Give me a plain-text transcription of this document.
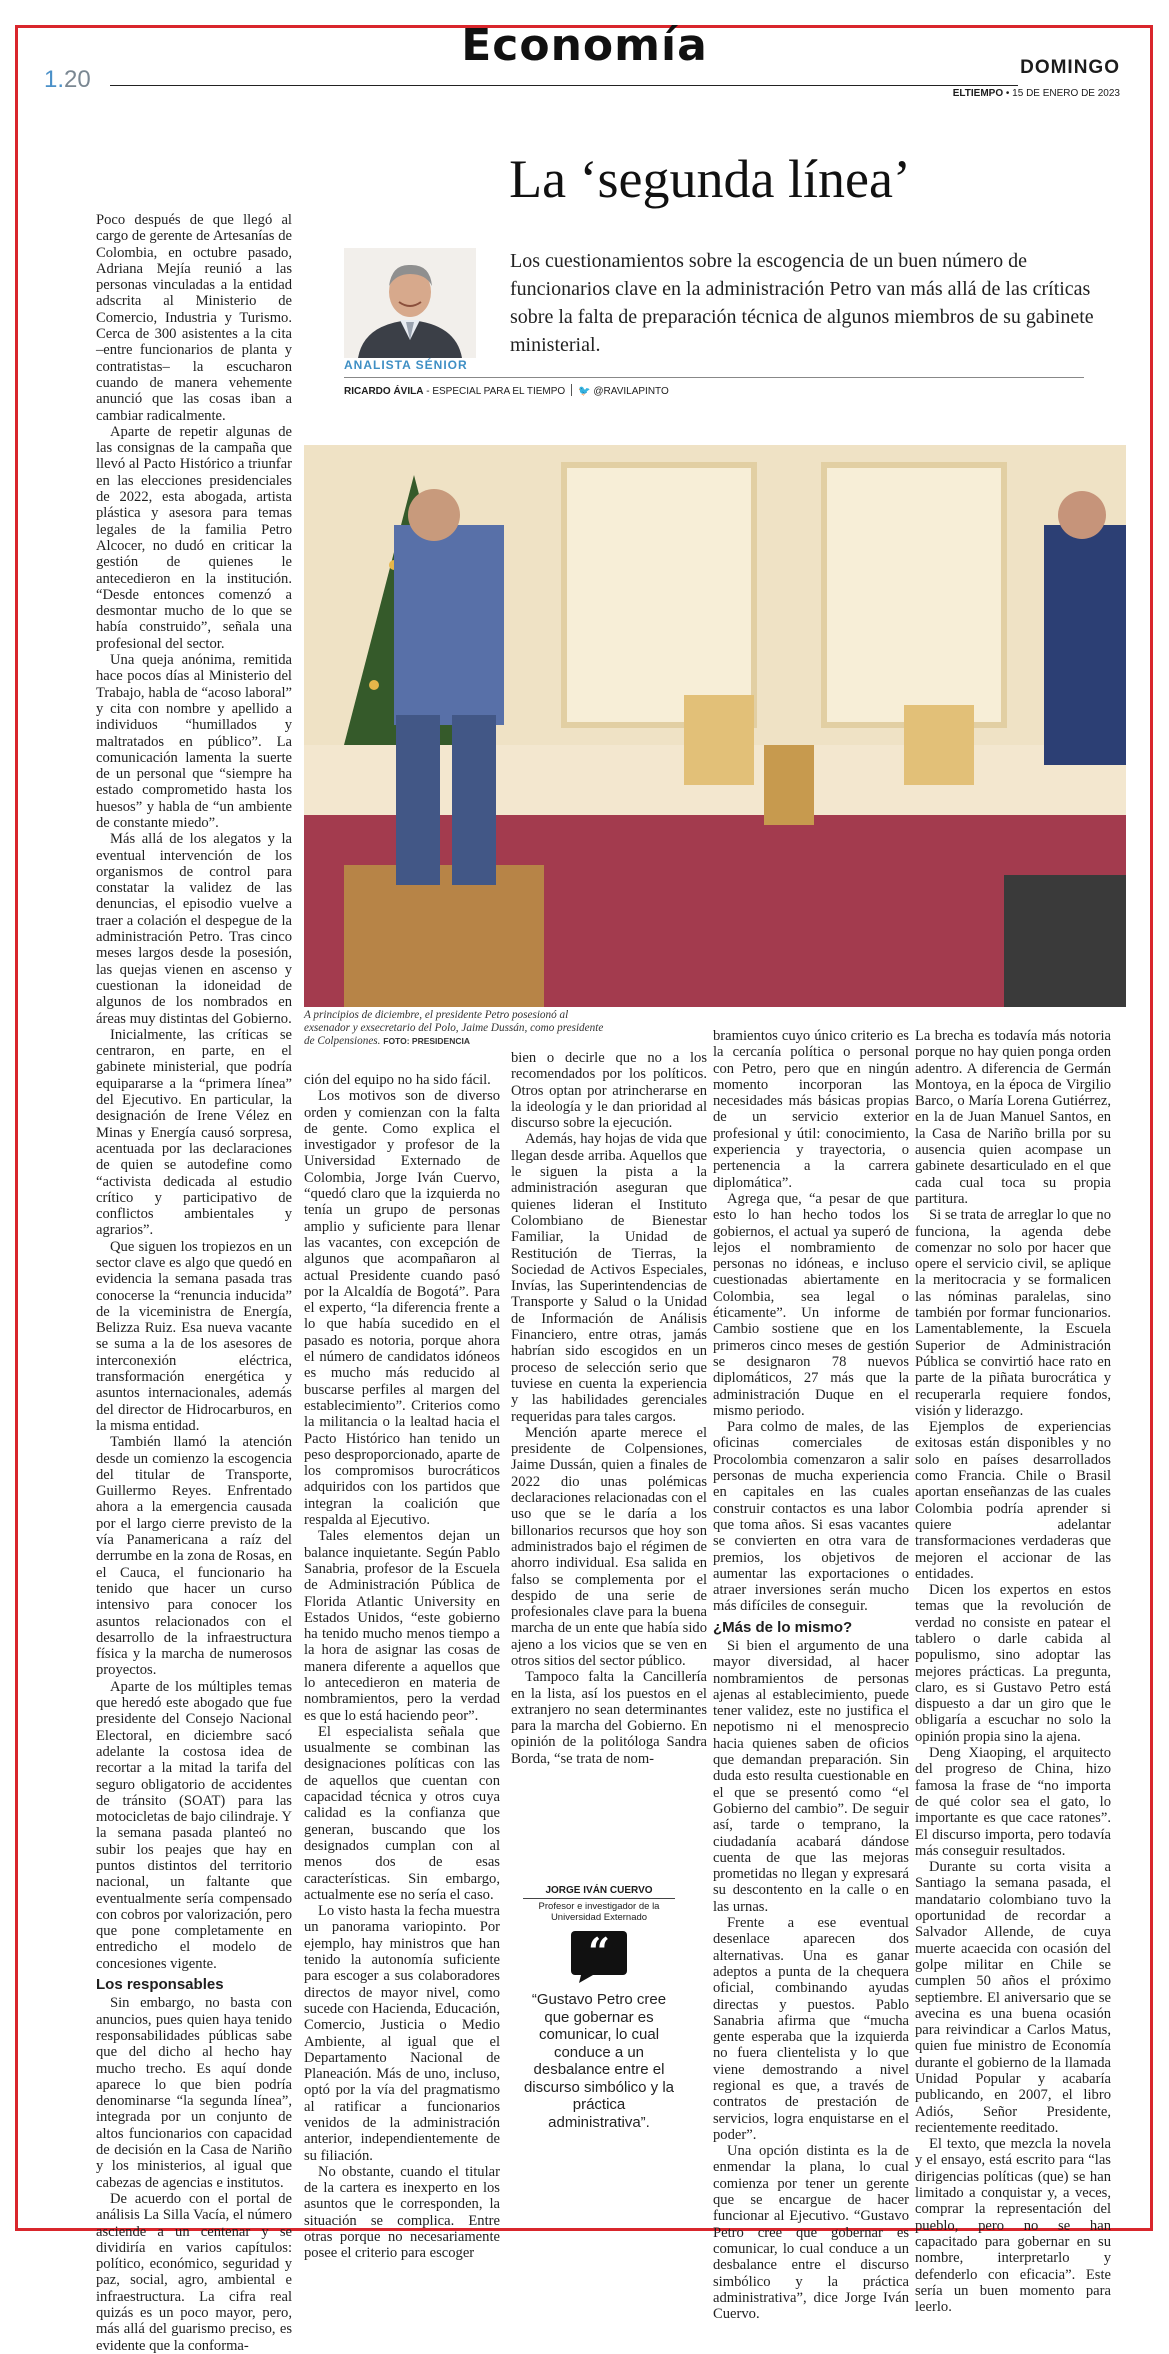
1.20
Economía	DOMINGO
ELTIEMPO • 15 DE ENERO DE 2023
La ‘segunda línea’
ANALISTA SÉNIOR
Los cuestionamientos sobre la escogencia de un buen número de funcionarios clave en la administración Petro van más allá de las críticas sobre la falta de preparación técnica de algunos miembros de su gabinete ministerial.
RICARDO ÁVILA - ESPECIAL PARA EL TIEMPO 🐦 @RAVILAPINTO

Poco después de que llegó al cargo de gerente de Artesanías de Colombia, en octubre pasado, Adriana Mejía reunió a las personas vinculadas a la entidad adscrita al Ministerio de Comercio, Industria y Turismo. Cerca de 300 asistentes a la cita –entre funcionarios de planta y contratistas– la escucharon cuando de manera vehemente anunció que las cosas iban a cambiar radicalmente.

Aparte de repetir algunas de las consignas de la campaña que llevó al Pacto Histórico a triunfar en las elecciones presidenciales de 2022, esta abogada, artista plástica y asesora para temas legales de la familia Petro Alcocer, no dudó en criticar la gestión de quienes le antecedieron en la institución. “Desde entonces comenzó a desmontar mucho de lo que se había construido”, señala una profesional del sector.

Una queja anónima, remitida hace pocos días al Ministerio del Trabajo, habla de “acoso laboral” y cita con nombre y apellido a individuos “humillados y maltratados en público”. La comunicación lamenta la suerte de un personal que “siempre ha estado comprometido hasta los huesos” y habla de “un ambiente de constante miedo”.

Más allá de los alegatos y la eventual intervención de los organismos de control para constatar la validez de las denuncias, el episodio vuelve a traer a colación el despegue de la administración Petro. Tras cinco meses largos desde la posesión, las quejas vienen en ascenso y cuestionan la idoneidad de algunos de los nombrados en áreas muy distintas del Gobierno.

Inicialmente, las críticas se centraron, en parte, en el gabinete ministerial, que podría equipararse a la “primera línea” del Ejecutivo. En particular, la designación de Irene Vélez en Minas y Energía causó sorpresa, acentuada por las declaraciones de quien se autodefine como “activista dedicada al estudio crítico y participativo de conflictos ambientales y agrarios”.

Que siguen los tropiezos en un sector clave es algo que quedó en evidencia la semana pasada tras conocerse la “renuncia inducida” de la viceministra de Energía, Belizza Ruiz. Esa nueva vacante se suma a la de los asesores de interconexión eléctrica, transformación energética y asuntos internacionales, además del director de Hidrocarburos, en la misma entidad.

También llamó la atención desde un comienzo la escogencia del titular de Transporte, Guillermo Reyes. Enfrentado ahora a la emergencia causada por el largo cierre previsto de la vía Panamericana a raíz del derrumbe en la zona de Rosas, en el Cauca, el funcionario ha tenido que hacer un curso intensivo para conocer los asuntos relacionados con el desarrollo de la infraestructura física y la marcha de numerosos proyectos.

Aparte de los múltiples temas que heredó este abogado que fue presidente del Consejo Nacional Electoral, en diciembre sacó adelante la costosa idea de recortar a la mitad la tarifa del seguro obligatorio de accidentes de tránsito (SOAT) para las motocicletas de bajo cilindraje. Y la semana pasada planteó no subir los peajes que hay en puntos distintos del territorio nacional, un faltante que eventualmente sería compensado con cobros por valorización, pero que pone completamente en entredicho el modelo de concesiones vigente.

Los responsables

Sin embargo, no basta con anuncios, pues quien haya tenido responsabilidades públicas sabe que del dicho al hecho hay mucho trecho. Es aquí donde aparece lo que bien podría denominarse “la segunda línea”, integrada por un conjunto de altos funcionarios con capacidad de decisión en la Casa de Nariño y los ministerios, al igual que cabezas de agencias e institutos.

De acuerdo con el portal de análisis La Silla Vacía, el número asciende a un centenar y se dividiría en varios capítulos: político, económico, seguridad y paz, social, agro, ambiental e infraestructura. La cifra real quizás es un poco mayor, pero, más allá del guarismo preciso, es evidente que la conforma-

A principios de diciembre, el presidente Petro posesionó al exsenador y exsecretario del Polo, Jaime Dussán, como presidente de Colpensiones. FOTO: PRESIDENCIA

ción del equipo no ha sido fácil.

Los motivos son de diverso orden y comienzan con la falta de gente. Como explica el investigador y profesor de la Universidad Externado de Colombia, Jorge Iván Cuervo, “quedó claro que la izquierda no tenía un grupo de personas amplio y suficiente para llenar las vacantes, con excepción de algunos que acompañaron al actual Presidente cuando pasó por la Alcaldía de Bogotá”. Para el experto, “la diferencia frente a lo que había sucedido en el pasado es notoria, porque ahora el número de candidatos idóneos es mucho más reducido al buscarse perfiles al margen del establecimiento”. Criterios como la militancia o la lealtad hacia el Pacto Histórico han tenido un peso desproporcionado, aparte de los compromisos burocráticos adquiridos con los partidos que integran la coalición que respalda al Ejecutivo.

Tales elementos dejan un balance inquietante. Según Pablo Sanabria, profesor de la Escuela de Administración Pública de Florida Atlantic University en Estados Unidos, “este gobierno ha tenido mucho menos tiempo a la hora de asignar las cosas de manera diferente a aquellos que lo antecedieron en materia de nombramientos, pero la verdad es que lo está haciendo peor”.

El especialista señala que usualmente se combinan las designaciones políticas con las de aquellos que cuentan con capacidad técnica y otros cuya calidad es la confianza que generan, buscando que los designados cumplan con al menos dos de esas características. Sin embargo, actualmente ese no sería el caso.

Lo visto hasta la fecha muestra un panorama variopinto. Por ejemplo, hay ministros que han tenido la autonomía suficiente para escoger a sus colaboradores directos de mayor nivel, como sucede con Hacienda, Educación, Comercio, Justicia o Medio Ambiente, al igual que el Departamento Nacional de Planeación. Más de uno, incluso, optó por la vía del pragmatismo al ratificar a funcionarios venidos de la administración anterior, independientemente de su filiación.

No obstante, cuando el titular de la cartera es inexperto en los asuntos que le corresponden, la situación se complica. Entre otras porque no necesariamente posee el criterio para escoger

bien o decirle que no a los recomendados por los políticos. Otros optan por atrincherarse en la ideología y le dan prioridad al discurso sobre la ejecución.

Además, hay hojas de vida que llegan desde arriba. Aquellos que le siguen la pista a la administración aseguran que quienes lideran el Instituto Colombiano de Bienestar Familiar, la Unidad de Restitución de Tierras, la Sociedad de Activos Especiales, Invías, las Superintendencias de Transporte y Salud o la Unidad de Información de Análisis Financiero, entre otras, jamás habrían sido escogidos en un proceso de selección serio que tuviese en cuenta la experiencia y las habilidades gerenciales requeridas para tales cargos.

Mención aparte merece el presidente de Colpensiones, Jaime Dussán, quien a finales de 2022 dio unas polémicas declaraciones relacionadas con el uso que se le daría a los billonarios recursos que hoy son administrados bajo el régimen de ahorro individual. Esa salida en falso se complementa por el despido de una serie de profesionales clave para la buena marcha de un ente que había sido ajeno a los vicios que se ven en otros sitios del sector público.

Tampoco falta la Cancillería en la lista, así los puestos en el extranjero no sean determinantes para la marcha del Gobierno. En opinión de la politóloga Sandra Borda, “se trata de nom-

JORGE IVÁN CUERVO
Profesor e investigador de la Universidad Externado
“
“Gustavo Petro cree que gobernar es comunicar, lo cual conduce a un desbalance entre el discurso simbólico y la práctica administrativa”.

bramientos cuyo único criterio es la cercanía política o personal con Petro, pero que en ningún momento incorporan las necesidades más básicas propias de un servicio exterior profesional y útil: conocimiento, experiencia y trayectoria, o pertenencia a la carrera diplomática”.

Agrega que, “a pesar de que esto lo han hecho todos los gobiernos, el actual ya superó de lejos el nombramiento de personas no idóneas, e incluso cuestionadas abiertamente en Colombia, sea legal o éticamente”. Un informe de Cambio sostiene que en los primeros cinco meses de gestión se designaron 78 nuevos diplomáticos, 27 más que la administración Duque en el mismo periodo.

Para colmo de males, de las oficinas comerciales de Procolombia comenzaron a salir personas de mucha experiencia en capitales en las cuales construir contactos es una labor que toma años. Si esas vacantes se convierten en otra vara de premios, los objetivos de aumentar las exportaciones o atraer inversiones serán mucho más difíciles de conseguir.

¿Más de lo mismo?

Si bien el argumento de una mayor diversidad, al hacer nombramientos de personas ajenas al establecimiento, puede tener validez, este no justifica el nepotismo ni el menosprecio hacia quienes saben de oficios que demandan preparación. Sin duda esto resulta cuestionable en el que se presentó como “el Gobierno del cambio”. De seguir así, tarde o temprano, la ciudadanía acabará dándose cuenta de que las mejoras prometidas no llegan y expresará su descontento en la calle o en las urnas.

Frente a ese eventual desenlace aparecen dos alternativas. Una es ganar adeptos a punta de la chequera oficial, combinando ayudas directas y puestos. Pablo Sanabria afirma que “mucha gente esperaba que la izquierda no fuera clientelista y lo que viene demostrando a nivel regional es que, a través de contratos de prestación de servicios, logra enquistarse en el poder”.

Una opción distinta es la de enmendar la plana, lo cual comienza por tener un gerente que se encargue de hacer funcionar al Ejecutivo. “Gustavo Petro cree que gobernar es comunicar, lo cual conduce a un desbalance entre el discurso simbólico y la práctica administrativa”, dice Jorge Iván Cuervo.

La brecha es todavía más notoria porque no hay quien ponga orden adentro. A diferencia de Germán Montoya, en la época de Virgilio Barco, o María Lorena Gutiérrez, en la de Juan Manuel Santos, en la Casa de Nariño brilla por su ausencia quien acompase un gabinete desarticulado en el que cada cual toca su propia partitura.

Si se trata de arreglar lo que no funciona, la agenda debe comenzar no solo por hacer que opere el servicio civil, se aplique la meritocracia y se formalicen las nóminas paralelas, sino también por formar funcionarios. Lamentablemente, la Escuela Superior de Administración Pública se convirtió hace rato en parte de la piñata burocrática y recuperarla requiere fondos, visión y liderazgo.

Ejemplos de experiencias exitosas están disponibles y no solo en países desarrollados como Francia. Chile o Brasil aportan enseñanzas de las cuales Colombia podría aprender si quiere adelantar transformaciones verdaderas que mejoren el accionar de las entidades.

Dicen los expertos en estos temas que la revolución de verdad no consiste en patear el tablero o darle cabida al populismo, sino adoptar las mejores prácticas. La pregunta, claro, es si Gustavo Petro está dispuesto a dar un giro que le obligaría a escuchar no solo la opinión propia sino la ajena.

Deng Xiaoping, el arquitecto del progreso de China, hizo famosa la frase de “no importa de qué color sea el gato, lo importante es que cace ratones”. El discurso importa, pero todavía más conseguir resultados.

Durante su corta visita a Santiago la semana pasada, el mandatario colombiano tuvo la oportunidad de recordar a Salvador Allende, de cuya muerte acaecida con ocasión del golpe militar en Chile se cumplen 50 años el próximo septiembre. El aniversario que se avecina es una buena ocasión para reivindicar a Carlos Matus, quien fue ministro de Economía durante el gobierno de la llamada Unidad Popular y acabaría publicando, en 2007, el libro Adiós, Señor Presidente, recientemente reeditado.

El texto, que mezcla la novela y el ensayo, está escrito para “las dirigencias políticas (que) se han limitado a conquistar y, a veces, comprar la representación del pueblo, pero no se han capacitado para gobernar en su nombre, interpretarlo y defenderlo con eficacia”. Este sería un buen momento para leerlo.
